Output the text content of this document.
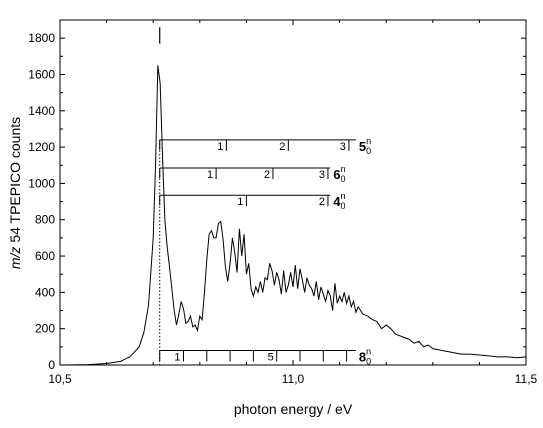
0
200
400
600
800
1000
1200
1400
1600
1800
10,5	11,0	11,5
1	2	3 5$^n$ 0
1	2	3 6$^n$ 0
1	2 4$^n$ 0
1	5	8$^n$ 0
photon energy / eV
m/z 54 TPEPICO counts
